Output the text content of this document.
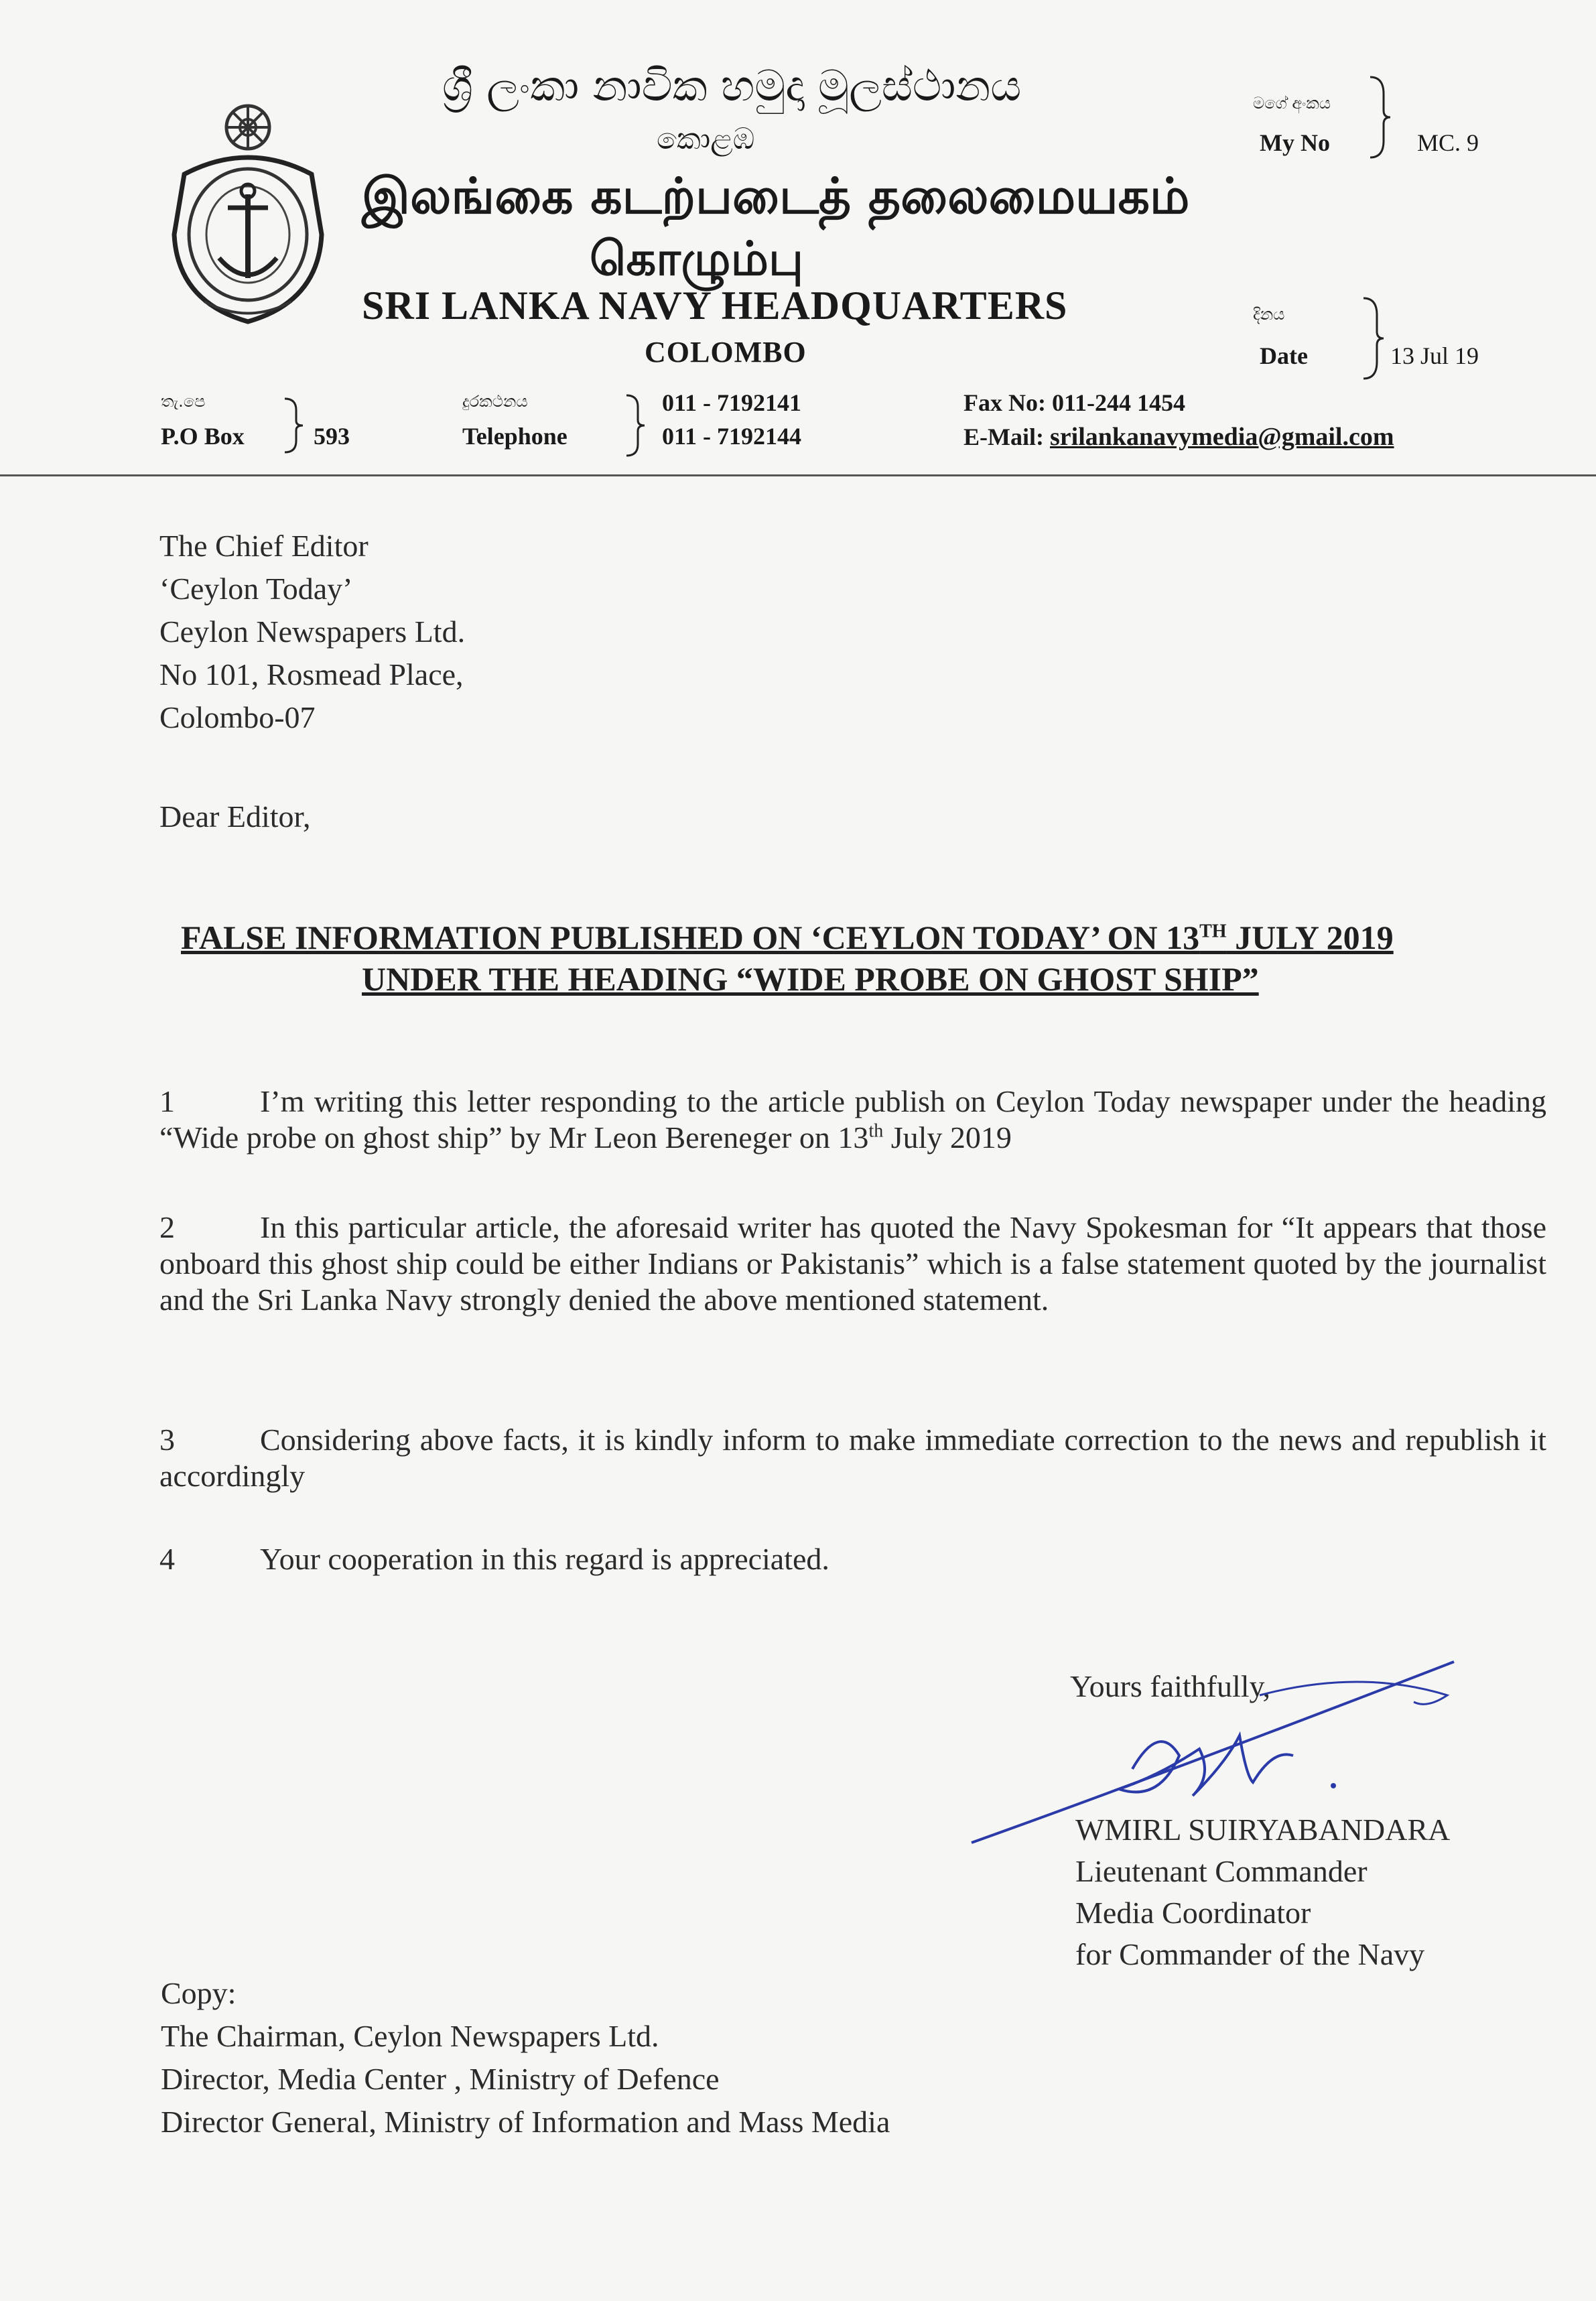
ශ්‍රී ලංකා නාවික හමුදා මූලස්ථානය
කොළඹ
இலங்கை கடற்படைத் தலைமையகம்
கொழும்பு
SRI LANKA NAVY HEADQUARTERS
COLOMBO
මගේ අංකය
My No	MC. 9
දිනය
Date	13 Jul 19
තැ.පෙ
P.O Box	593
දුරකථනය
Telephone
011 - 7192141
011 - 7192144
Fax No: 011-244 1454
E-Mail: srilankanavymedia@gmail.com
The Chief Editor
‘Ceylon Today’
Ceylon Newspapers Ltd.
No 101, Rosmead Place,
Colombo-07
Dear Editor,
FALSE INFORMATION PUBLISHED ON ‘CEYLON TODAY’ ON 13TH JULY 2019
UNDER THE HEADING “WIDE PROBE ON GHOST SHIP”
1	I’m writing this letter responding to the article publish on Ceylon Today newspaper under the heading “Wide probe on ghost ship” by Mr Leon Bereneger on 13th July 2019
2	In this particular article, the aforesaid writer has quoted the Navy Spokesman for “It appears that those onboard this ghost ship could be either Indians or Pakistanis” which is a false statement quoted by the journalist and the Sri Lanka Navy strongly denied the above mentioned statement.
3	Considering above facts, it is kindly inform to make immediate correction to the news and republish it accordingly
4	Your cooperation in this regard is appreciated.
Yours faithfully,
WMIRL SUIRYABANDARA
Lieutenant Commander
Media Coordinator
for Commander of the Navy
Copy:
The Chairman, Ceylon Newspapers Ltd.
Director, Media Center , Ministry of Defence
Director General, Ministry of Information and Mass Media
